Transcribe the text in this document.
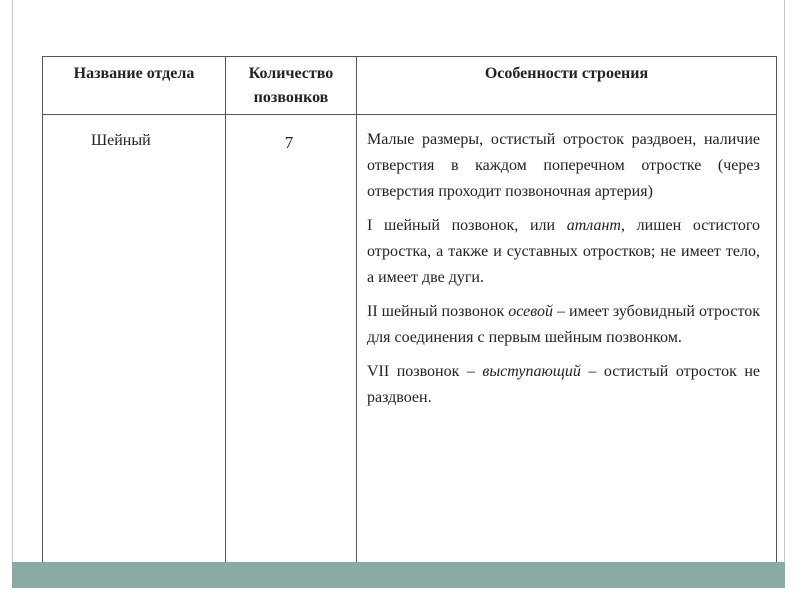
Название отдела	Количество позвонков	Особенности строения
Шейный	7	Малые размеры, остистый отросток раздвоен, наличие отверстия в каждом поперечном отростке (через отверстия проходит позвоночная артерия)
I шейный позвонок, или атлант, лишен остистого отростка, а также и суставных отростков; не имеет тело, а имеет две дуги.
II шейный позвонок осевой – имеет зубовидный отросток для соединения с первым шейным позвонком.
VII позвонок – выступающий – остистый отросток не раздвоен.
